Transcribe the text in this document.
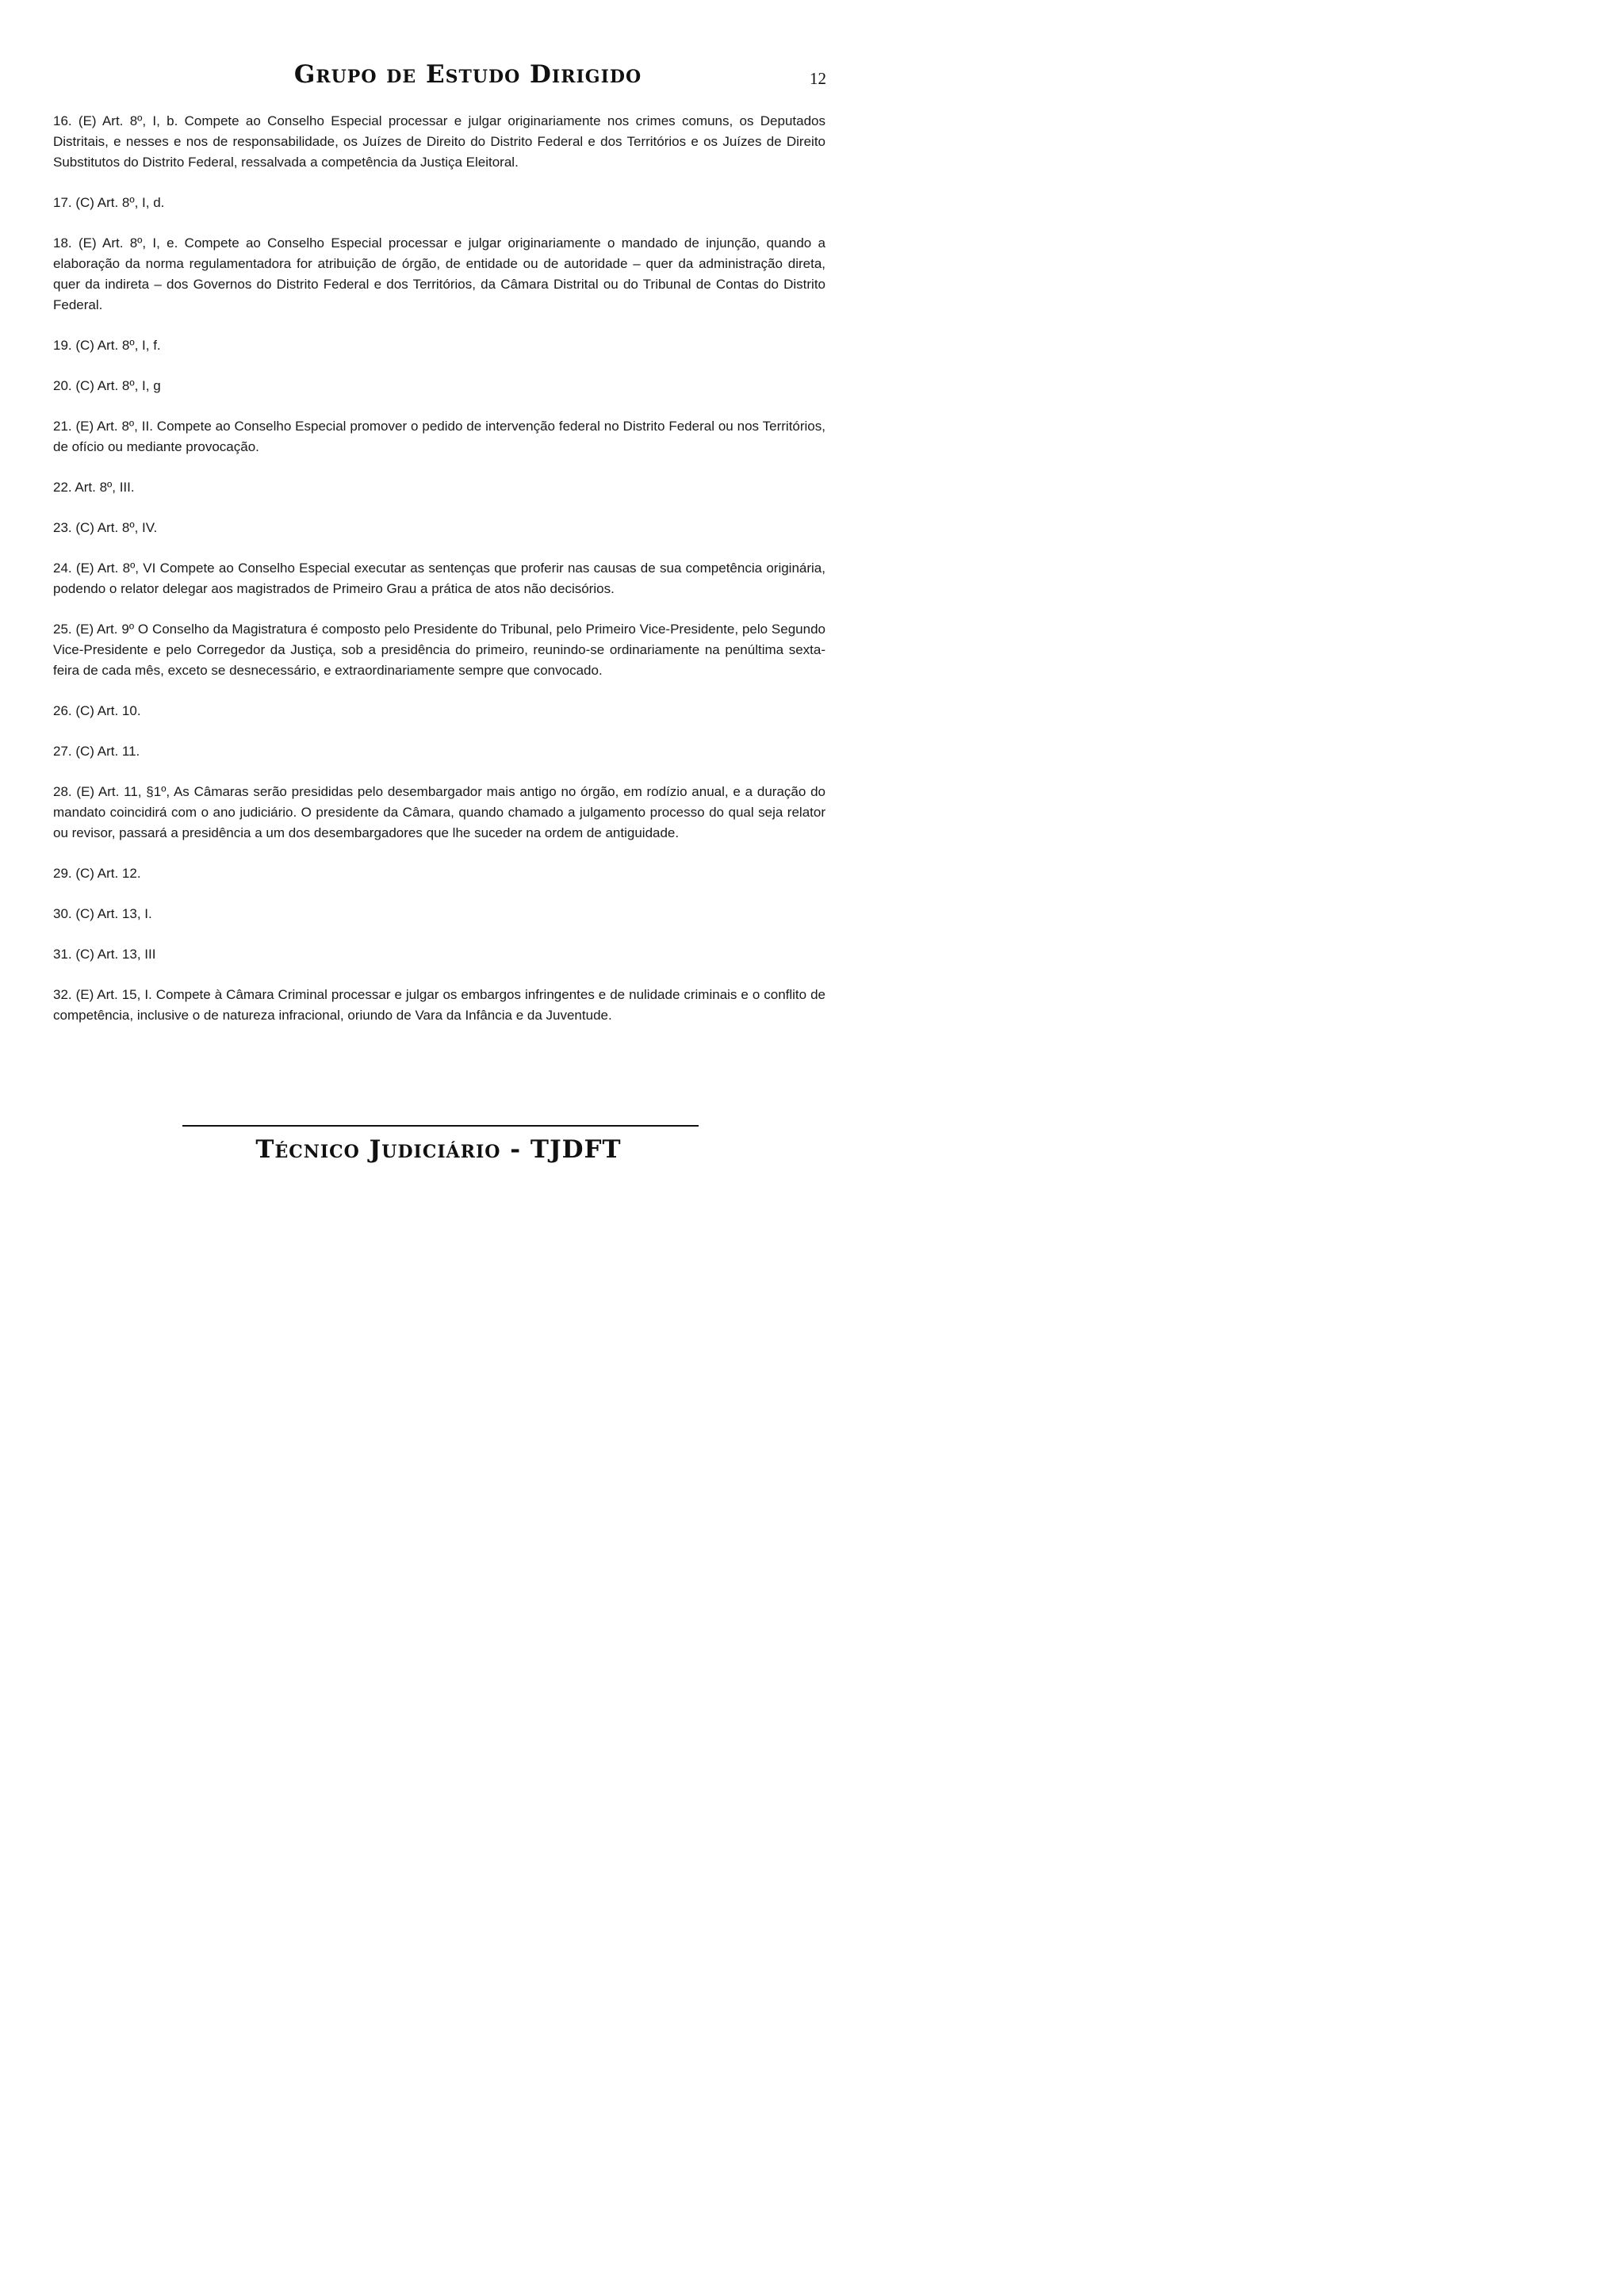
Grupo de Estudo Dirigido	12

16. (E) Art. 8º, I, b. Compete ao Conselho Especial processar e julgar originariamente nos crimes comuns, os Deputados Distritais, e nesses e nos de responsabilidade, os Juízes de Direito do Distrito Federal e dos Territórios e os Juízes de Direito Substitutos do Distrito Federal, ressalvada a competência da Justiça Eleitoral.

17. (C) Art. 8º, I, d.

18. (E) Art. 8º, I, e. Compete ao Conselho Especial processar e julgar originariamente o mandado de injunção, quando a elaboração da norma regulamentadora for atribuição de órgão, de entidade ou de autoridade – quer da administração direta, quer da indireta – dos Governos do Distrito Federal e dos Territórios, da Câmara Distrital ou do Tribunal de Contas do Distrito Federal.

19. (C) Art. 8º, I, f.

20. (C) Art. 8º, I, g

21. (E) Art. 8º, II. Compete ao Conselho Especial promover o pedido de intervenção federal no Distrito Federal ou nos Territórios, de ofício ou mediante provocação.

22. Art. 8º, III.

23. (C) Art. 8º, IV.

24. (E) Art. 8º, VI Compete ao Conselho Especial executar as sentenças que proferir nas causas de sua competência originária, podendo o relator delegar aos magistrados de Primeiro Grau a prática de atos não decisórios.

25. (E) Art. 9º O Conselho da Magistratura é composto pelo Presidente do Tribunal, pelo Primeiro Vice-Presidente, pelo Segundo Vice-Presidente e pelo Corregedor da Justiça, sob a presidência do primeiro, reunindo-se ordinariamente na penúltima sexta-feira de cada mês, exceto se desnecessário, e extraordinariamente sempre que convocado.

26. (C) Art. 10.

27. (C) Art. 11.

28. (E) Art. 11, §1º, As Câmaras serão presididas pelo desembargador mais antigo no órgão, em rodízio anual, e a duração do mandato coincidirá com o ano judiciário. O presidente da Câmara, quando chamado a julgamento processo do qual seja relator ou revisor, passará a presidência a um dos desembargadores que lhe suceder na ordem de antiguidade.

29. (C) Art. 12.

30. (C) Art. 13, I.

31. (C) Art. 13, III

32. (E) Art. 15, I. Compete à Câmara Criminal processar e julgar os embargos infringentes e de nulidade criminais e o conflito de competência, inclusive o de natureza infracional, oriundo de Vara da Infância e da Juventude.

Técnico Judiciário - TJDFT
